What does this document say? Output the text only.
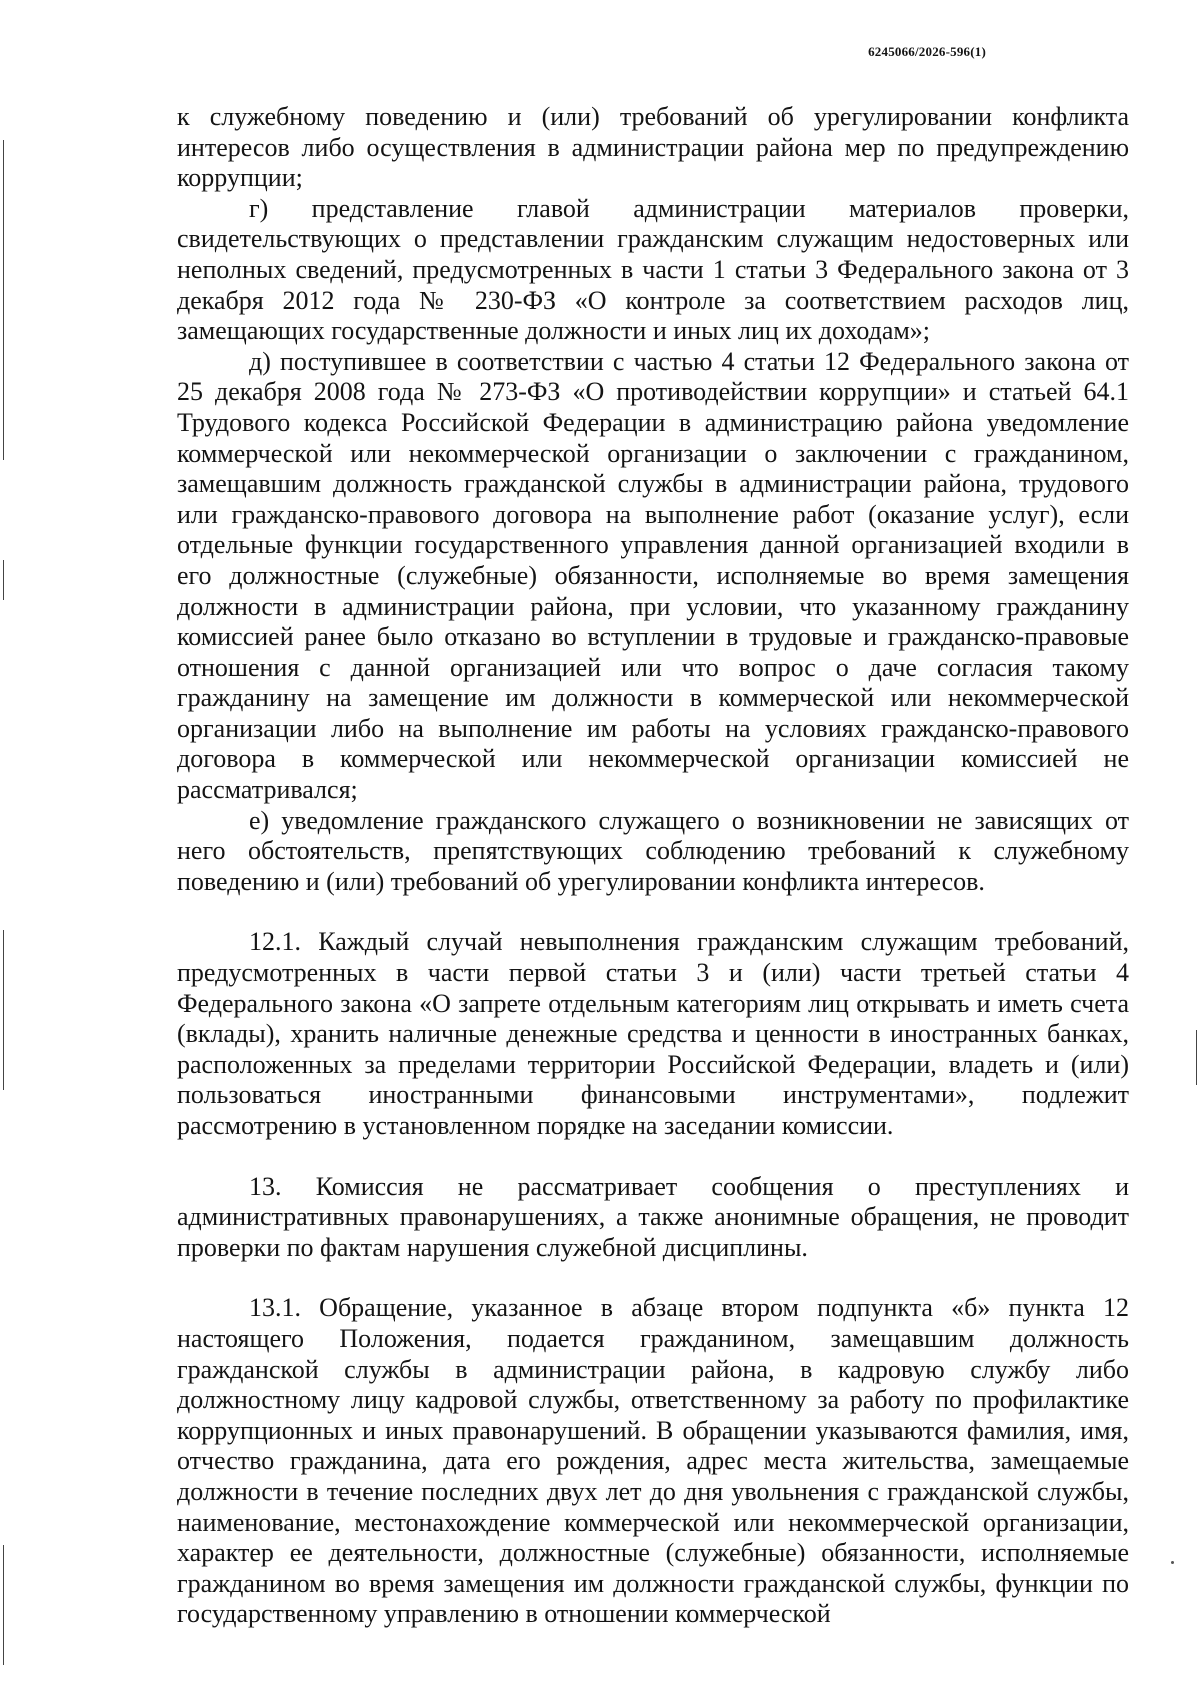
6245066/2026-596(1)

к служебному поведению и (или) требований об урегулировании конфликта интересов либо осуществления в администрации района мер по предупреждению коррупции;

г) представление главой администрации материалов проверки, свидетельствующих о представлении гражданским служащим недостоверных или неполных сведений, предусмотренных в части 1 статьи 3 Федерального закона от 3 декабря 2012 года № 230-ФЗ «О контроле за соответствием расходов лиц, замещающих государственные должности и иных лиц их доходам»;

д) поступившее в соответствии с частью 4 статьи 12 Федерального закона от 25 декабря 2008 года № 273-ФЗ «О противодействии коррупции» и статьей 64.1 Трудового кодекса Российской Федерации в администрацию района уведомление коммерческой или некоммерческой организации о заключении с гражданином, замещавшим должность гражданской службы в администрации района, трудового или гражданско-правового договора на выполнение работ (оказание услуг), если отдельные функции государственного управления данной организацией входили в его должностные (служебные) обязанности, исполняемые во время замещения должности в администрации района, при условии, что указанному гражданину комиссией ранее было отказано во вступлении в трудовые и гражданско-правовые отношения с данной организацией или что вопрос о даче согласия такому гражданину на замещение им должности в коммерческой или некоммерческой организации либо на выполнение им работы на условиях гражданско-правового договора в коммерческой или некоммерческой организации комиссией не рассматривался;

е) уведомление гражданского служащего о возникновении не зависящих от него обстоятельств, препятствующих соблюдению требований к служебному поведению и (или) требований об урегулировании конфликта интересов.

12.1. Каждый случай невыполнения гражданским служащим требований, предусмотренных в части первой статьи 3 и (или) части третьей статьи 4 Федерального закона «О запрете отдельным категориям лиц открывать и иметь счета (вклады), хранить наличные денежные средства и ценности в иностранных банках, расположенных за пределами территории Российской Федерации, владеть и (или) пользоваться иностранными финансовыми инструментами», подлежит рассмотрению в установленном порядке на заседании комиссии.

13. Комиссия не рассматривает сообщения о преступлениях и административных правонарушениях, а также анонимные обращения, не проводит проверки по фактам нарушения служебной дисциплины.

13.1. Обращение, указанное в абзаце втором подпункта «б» пункта 12 настоящего Положения, подается гражданином, замещавшим должность гражданской службы в администрации района, в кадровую службу либо должностному лицу кадровой службы, ответственному за работу по профилактике коррупционных и иных правонарушений. В обращении указываются фамилия, имя, отчество гражданина, дата его рождения, адрес места жительства, замещаемые должности в течение последних двух лет до дня увольнения с гражданской службы, наименование, местонахождение коммерческой или некоммерческой организации, характер ее деятельности, должностные (служебные) обязанности, исполняемые гражданином во время замещения им должности гражданской службы, функции по государственному управлению в отношении коммерческой
